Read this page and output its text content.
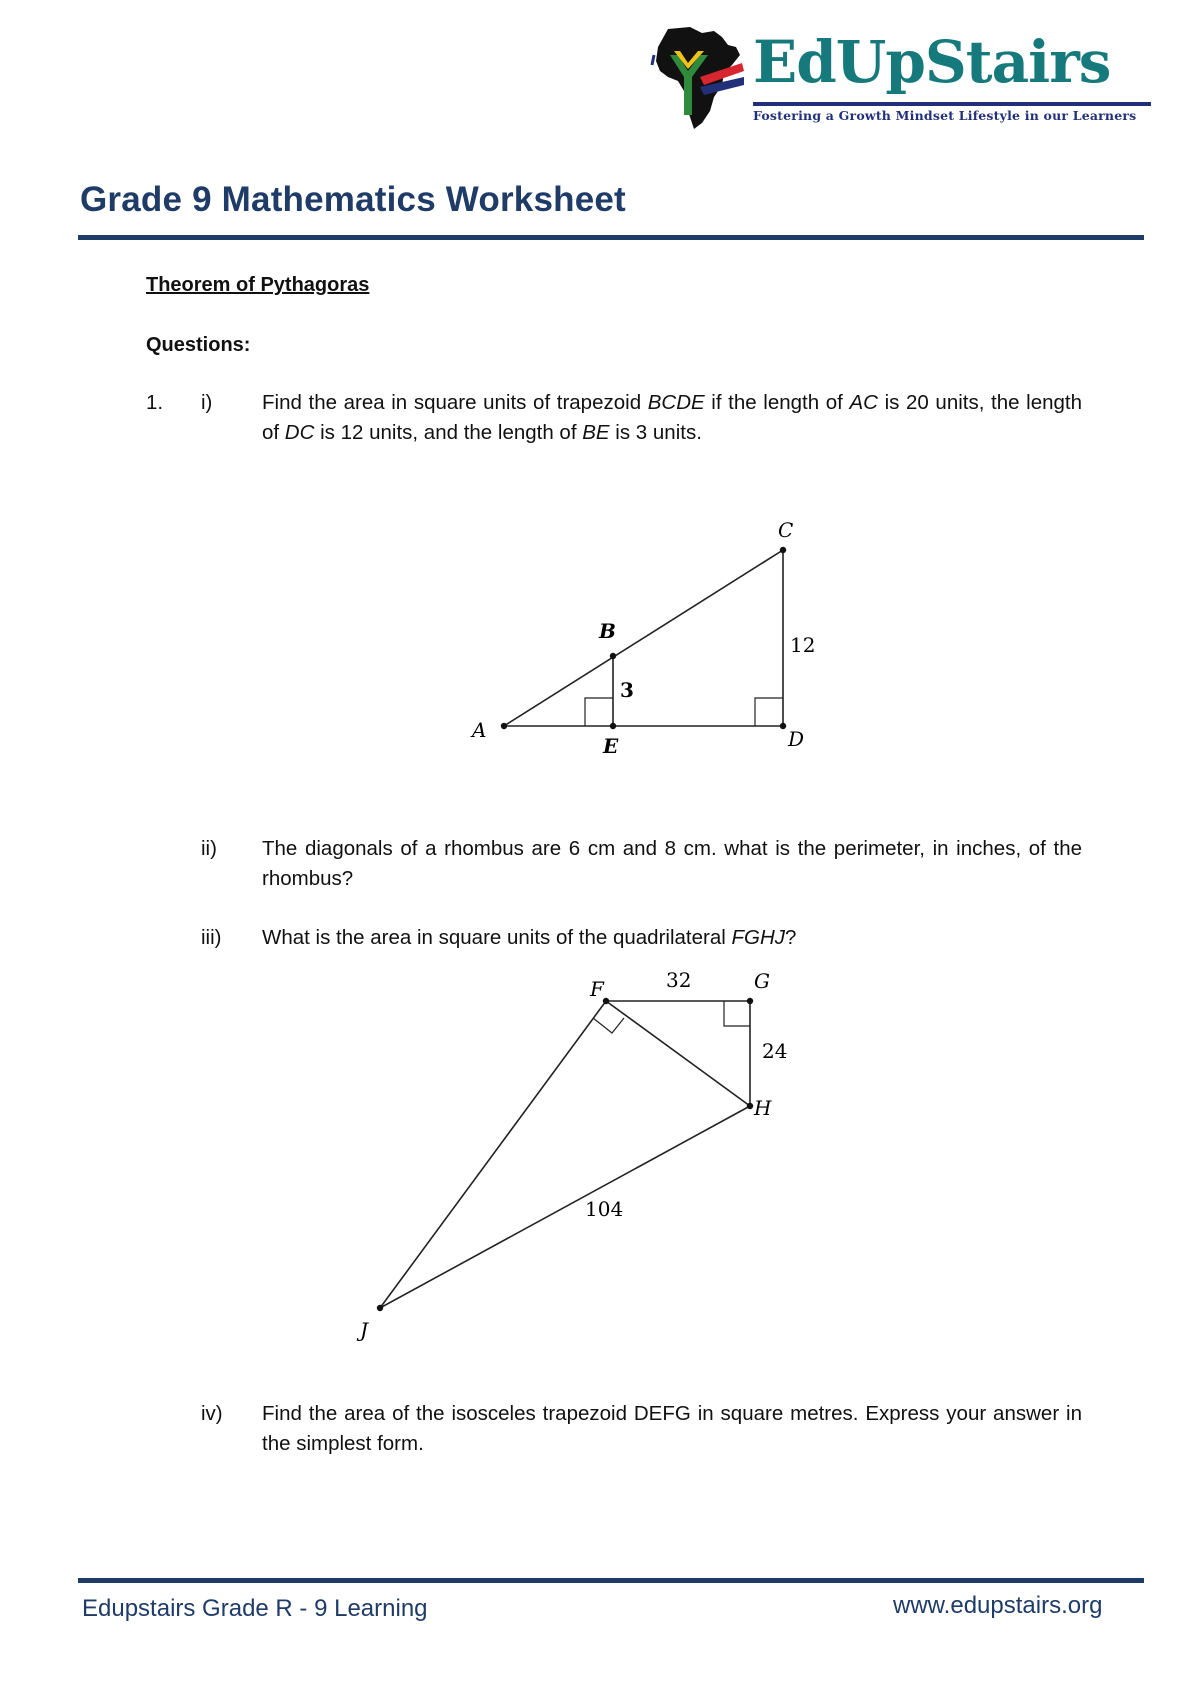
EdUpStairs
Fostering a Growth Mindset Lifestyle in our Learners
Grade 9 Mathematics Worksheet
Theorem of Pythagoras
Questions:
1. i) Find the area in square units of trapezoid BCDE if the length of AC is 20 units, the length of DC is 12 units, and the length of BE is 3 units.
A
B
C
D
E
12
3
ii) The diagonals of a rhombus are 6 cm and 8 cm. what is the perimeter, in inches, of the rhombus?
iii) What is the area in square units of the quadrilateral FGHJ?
F	G
H
J
32
24
104
iv) Find the area of the isosceles trapezoid DEFG in square metres. Express your answer in the simplest form.
Edupstairs Grade R - 9 Learning	www.edupstairs.org
